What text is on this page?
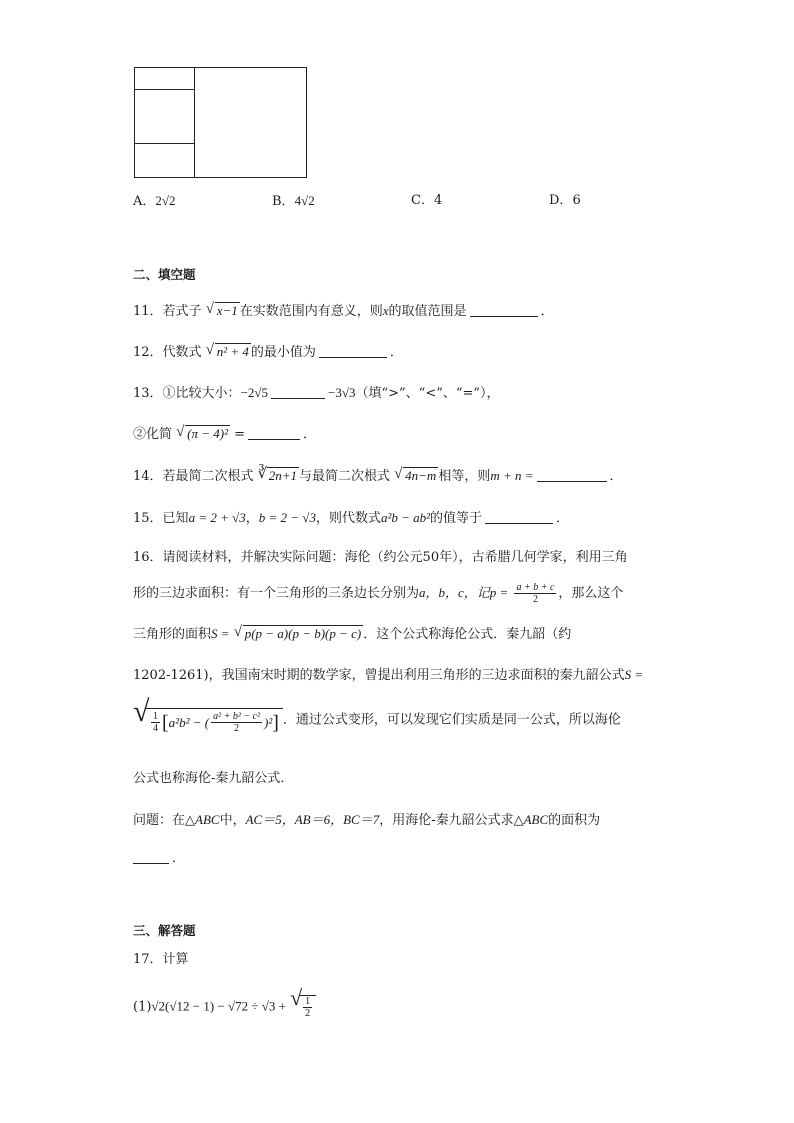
A．2√2	B．4√2	C．4	D．6
二、填空题
11．若式子 √ x−1 在实数范围内有意义，则x的取值范围是	．
12．代数式 √ n² + 4 的最小值为	．
13．①比较大小：−2√5	−3√3（填“>”、“<”、“=”），
②化简 √ (π − 4)² =	．
14．若最简二次根式 ∛ 2n+1 与最简二次根式 √ 4n−m 相等，则m + n =	．
15．已知a = 2 + √3，b = 2 − √3，则代数式a²b − ab²的值等于	．
16．请阅读材料，并解决实际问题：海伦（约公元50年），古希腊几何学家，利用三角
形的三边求面积：有一个三角形的三条边长分别为a，b，c，记$p = \frac{a + b + c}{2}$ ，那么这个
三角形的面积S = √ p(p − a)(p − b)(p − c) ．这个公式称海伦公式．秦九韶（约
1202-1261)，我国南宋时期的数学家，曾提出利用三角形的三边求面积的秦九韶公式S =
√ $\frac{1}{4}$ [ a²b² − ( $\frac{\text{a² + b² − c²}}{2} )^2$ ] ．通过公式变形，可以发现它们实质是同一公式，所以海伦
公式也称海伦-秦九韶公式．
问题：在△ABC中，AC＝5，AB＝6，BC＝7，用海伦-秦九韶公式求△ABC的面积为
．
三、解答题
17．计算
(1)√2(√12 − 1) − √72 ÷ √3 + √ $\frac{1}{2}$
